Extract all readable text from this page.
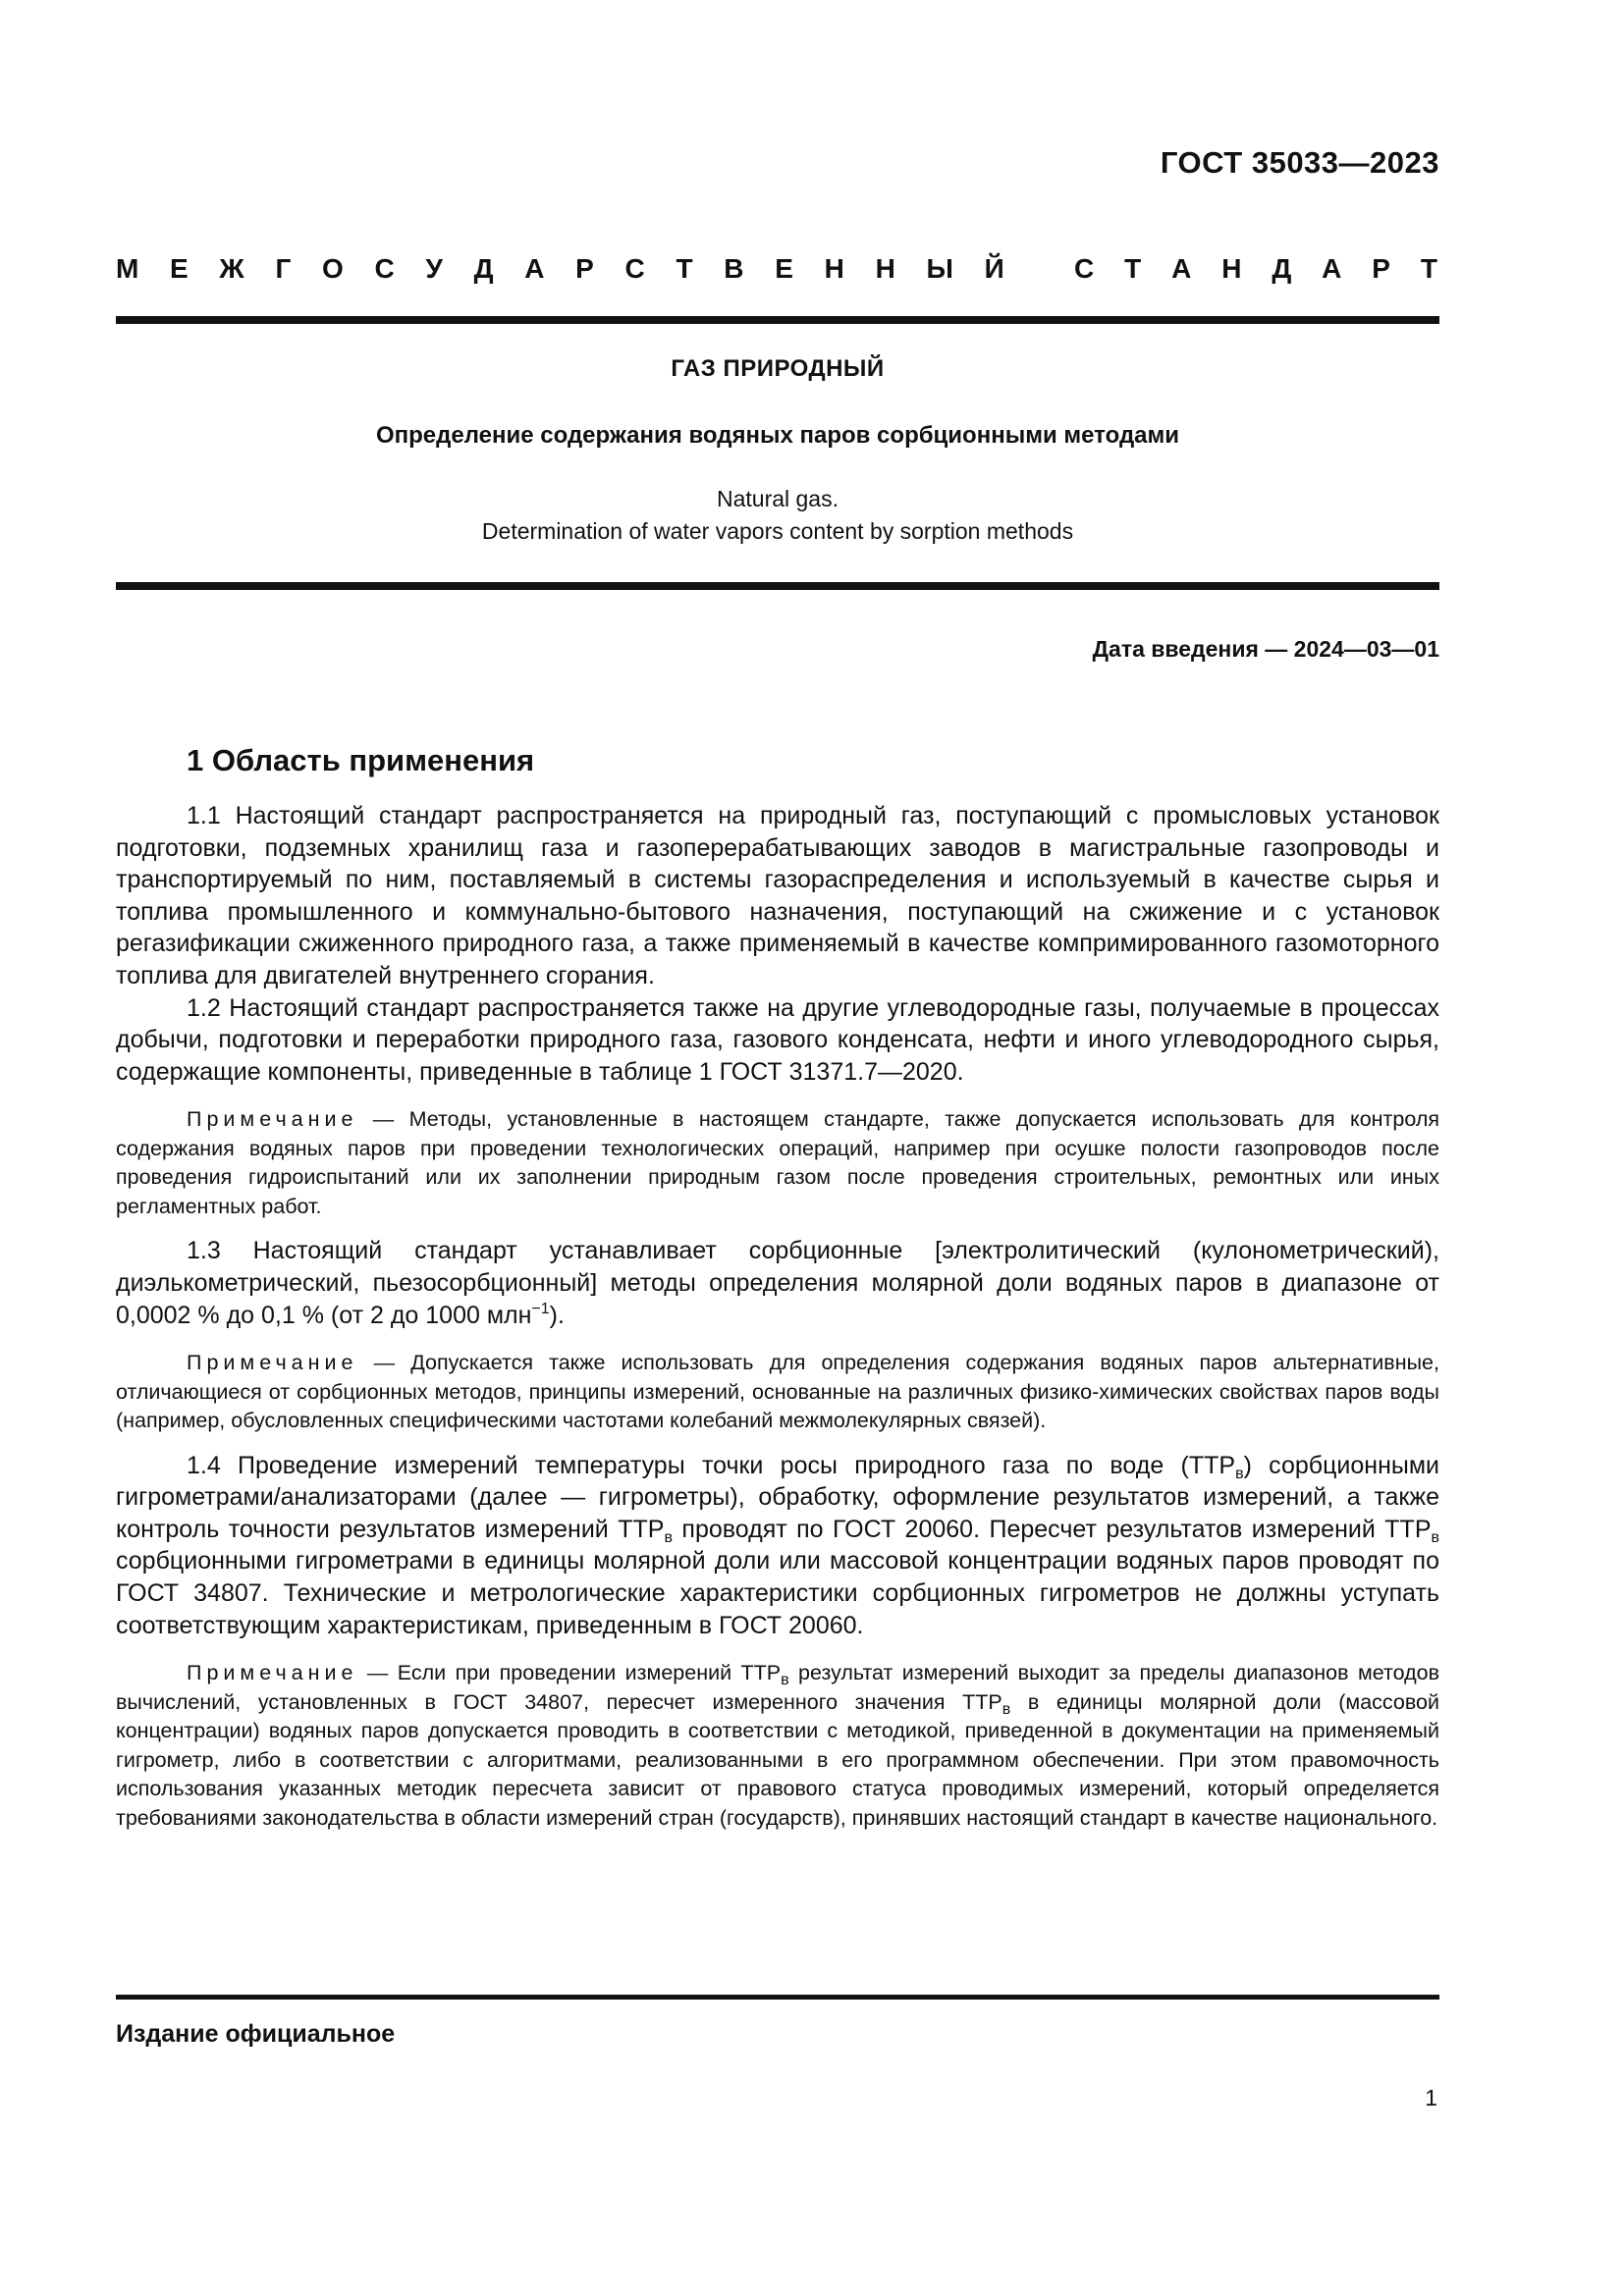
ГОСТ 35033—2023
М Е Ж Г О С У Д А Р С Т В Е Н Н Ы Й	С Т А Н Д А Р Т
ГАЗ ПРИРОДНЫЙ
Определение содержания водяных паров сорбционными методами
Natural gas.
Determination of water vapors content by sorption methods
Дата введения — 2024—03—01
1 Область применения

1.1 Настоящий стандарт распространяется на природный газ, поступающий с промысловых установок подготовки, подземных хранилищ газа и газоперерабатывающих заводов в магистральные газопроводы и транспортируемый по ним, поставляемый в системы газораспределения и используемый в качестве сырья и топлива промышленного и коммунально-бытового назначения, поступающий на сжижение и с установок регазификации сжиженного природного газа, а также применяемый в качестве компримированного газомоторного топлива для двигателей внутреннего сгорания.

1.2 Настоящий стандарт распространяется также на другие углеводородные газы, получаемые в процессах добычи, подготовки и переработки природного газа, газового конденсата, нефти и иного углеводородного сырья, содержащие компоненты, приведенные в таблице 1 ГОСТ 31371.7—2020.

Примечание — Методы, установленные в настоящем стандарте, также допускается использовать для контроля содержания водяных паров при проведении технологических операций, например при осушке полости газопроводов после проведения гидроиспытаний или их заполнении природным газом после проведения строительных, ремонтных или иных регламентных работ.

1.3 Настоящий стандарт устанавливает сорбционные [электролитический (кулонометрический), диэлькометрический, пьезосорбционный] методы определения молярной доли водяных паров в диапазоне от 0,0002 % до 0,1 % (от 2 до 1000 млн$^{-1}$).

Примечание — Допускается также использовать для определения содержания водяных паров альтернативные, отличающиеся от сорбционных методов, принципы измерений, основанные на различных физико-химических свойствах паров воды (например, обусловленных специфическими частотами колебаний межмолекулярных связей).

1.4 Проведение измерений температуры точки росы природного газа по воде $(ТТР_в)$ сорбционными гигрометрами/анализаторами (далее — гигрометры), обработку, оформление результатов измерений, а также контроль точности результатов измерений $ТТР_в$ проводят по ГОСТ 20060. Пересчет результатов измерений $ТТР_в$ сорбционными гигрометрами в единицы молярной доли или массовой концентрации водяных паров проводят по ГОСТ 34807. Технические и метрологические характеристики сорбционных гигрометров не должны уступать соответствующим характеристикам, приведенным в ГОСТ 20060.

Примечание — Если при проведении измерений $ТТР_в$ результат измерений выходит за пределы диапазонов методов вычислений, установленных в ГОСТ 34807, пересчет измеренного значения $ТТР_в$ в единицы молярной доли (массовой концентрации) водяных паров допускается проводить в соответствии с методикой, приведенной в документации на применяемый гигрометр, либо в соответствии с алгоритмами, реализованными в его программном обеспечении. При этом правомочность использования указанных методик пересчета зависит от правового статуса проводимых измерений, который определяется требованиями законодательства в области измерений стран (государств), принявших настоящий стандарт в качестве национального.

Издание официальное
1
